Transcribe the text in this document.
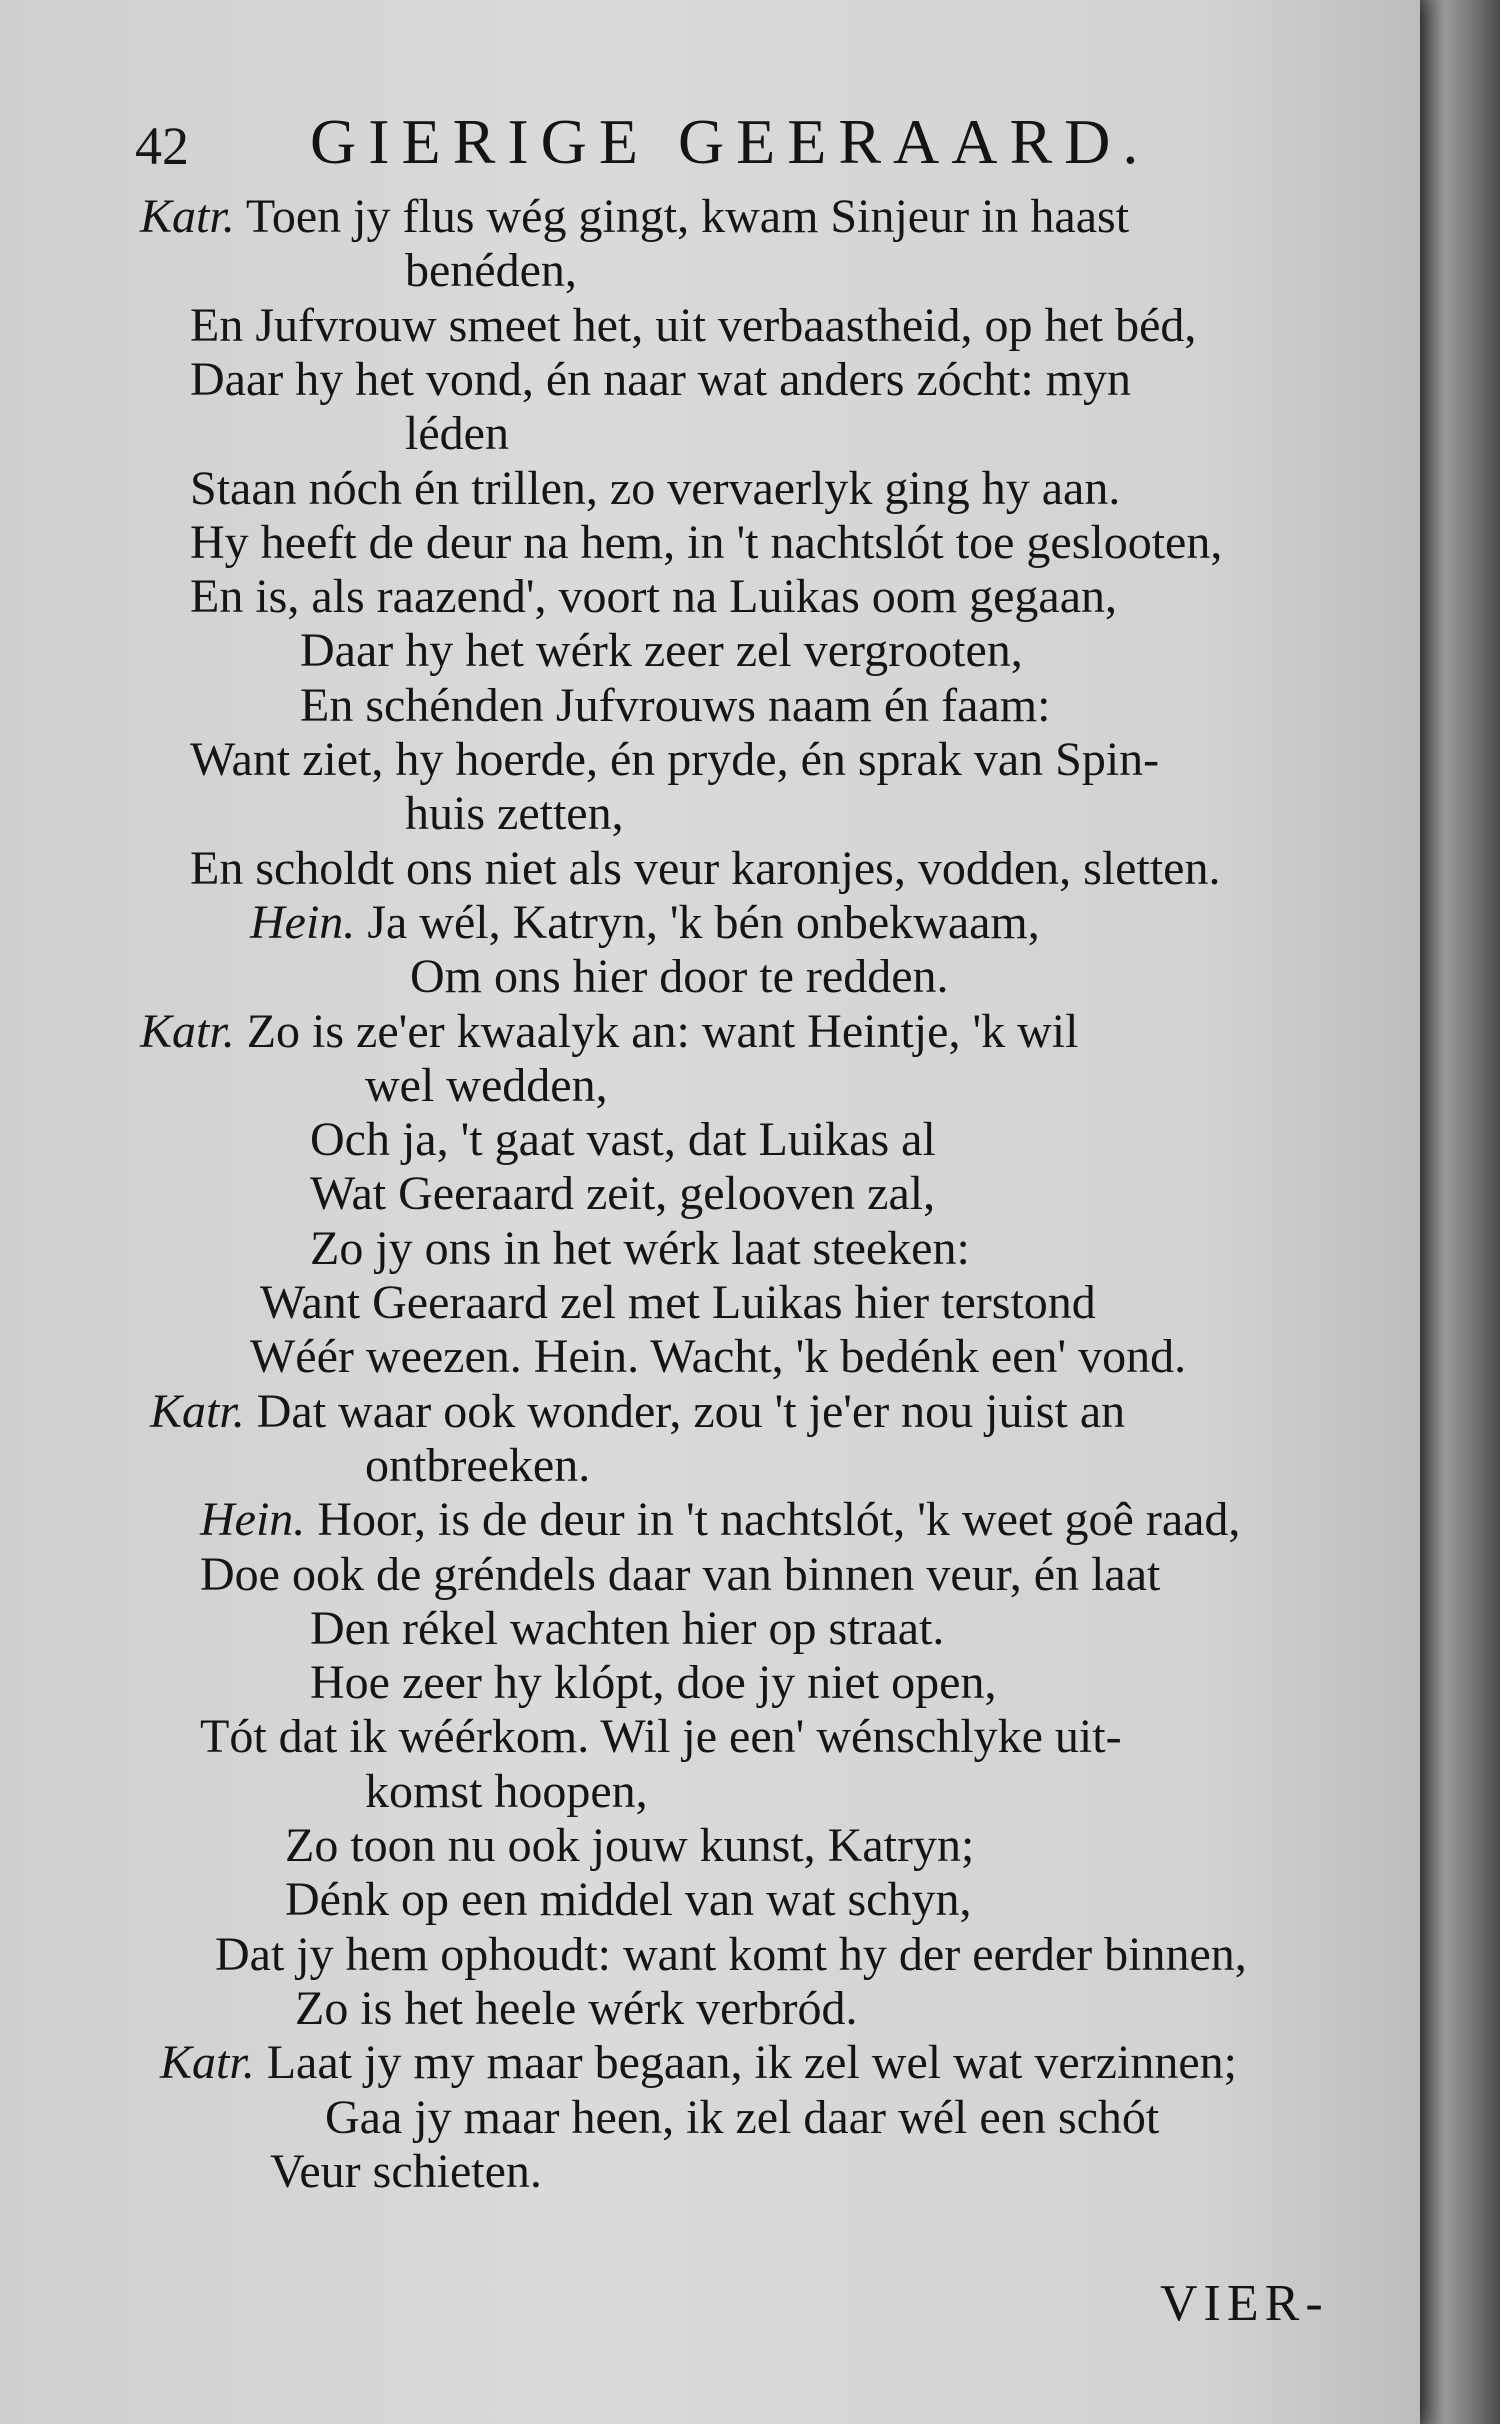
42 GIERIGE GEERAARD.
Katr. Toen jy flus wég gingt, kwam Sinjeur in haast
benéden,
En Jufvrouw smeet het, uit verbaastheid, op het béd,
Daar hy het vond, én naar wat anders zócht: myn
léden
Staan nóch én trillen, zo vervaerlyk ging hy aan.
Hy heeft de deur na hem, in 't nachtslót toe geslooten,
En is, als raazend', voort na Luikas oom gegaan,
Daar hy het wérk zeer zel vergrooten,
En schénden Jufvrouws naam én faam:
Want ziet, hy hoerde, én pryde, én sprak van Spin-
huis zetten,
En scholdt ons niet als veur karonjes, vodden, sletten.
Hein. Ja wél, Katryn, 'k bén onbekwaam,
Om ons hier door te redden.
Katr. Zo is ze'er kwaalyk an: want Heintje, 'k wil
wel wedden,
Och ja, 't gaat vast, dat Luikas al
Wat Geeraard zeit, gelooven zal,
Zo jy ons in het wérk laat steeken:
Want Geeraard zel met Luikas hier terstond
Wéér weezen. Hein. Wacht, 'k bedénk een' vond.
Katr. Dat waar ook wonder, zou 't je'er nou juist an
ontbreeken.
Hein. Hoor, is de deur in 't nachtslót, 'k weet goê raad,
Doe ook de gréndels daar van binnen veur, én laat
Den rékel wachten hier op straat.
Hoe zeer hy klópt, doe jy niet open,
Tót dat ik wéérkom. Wil je een' wénschlyke uit-
komst hoopen,
Zo toon nu ook jouw kunst, Katryn;
Dénk op een middel van wat schyn,
Dat jy hem ophoudt: want komt hy der eerder binnen,
Zo is het heele wérk verbród.
Katr. Laat jy my maar begaan, ik zel wel wat verzinnen;
Gaa jy maar heen, ik zel daar wél een schót
Veur schieten.
VIER-
